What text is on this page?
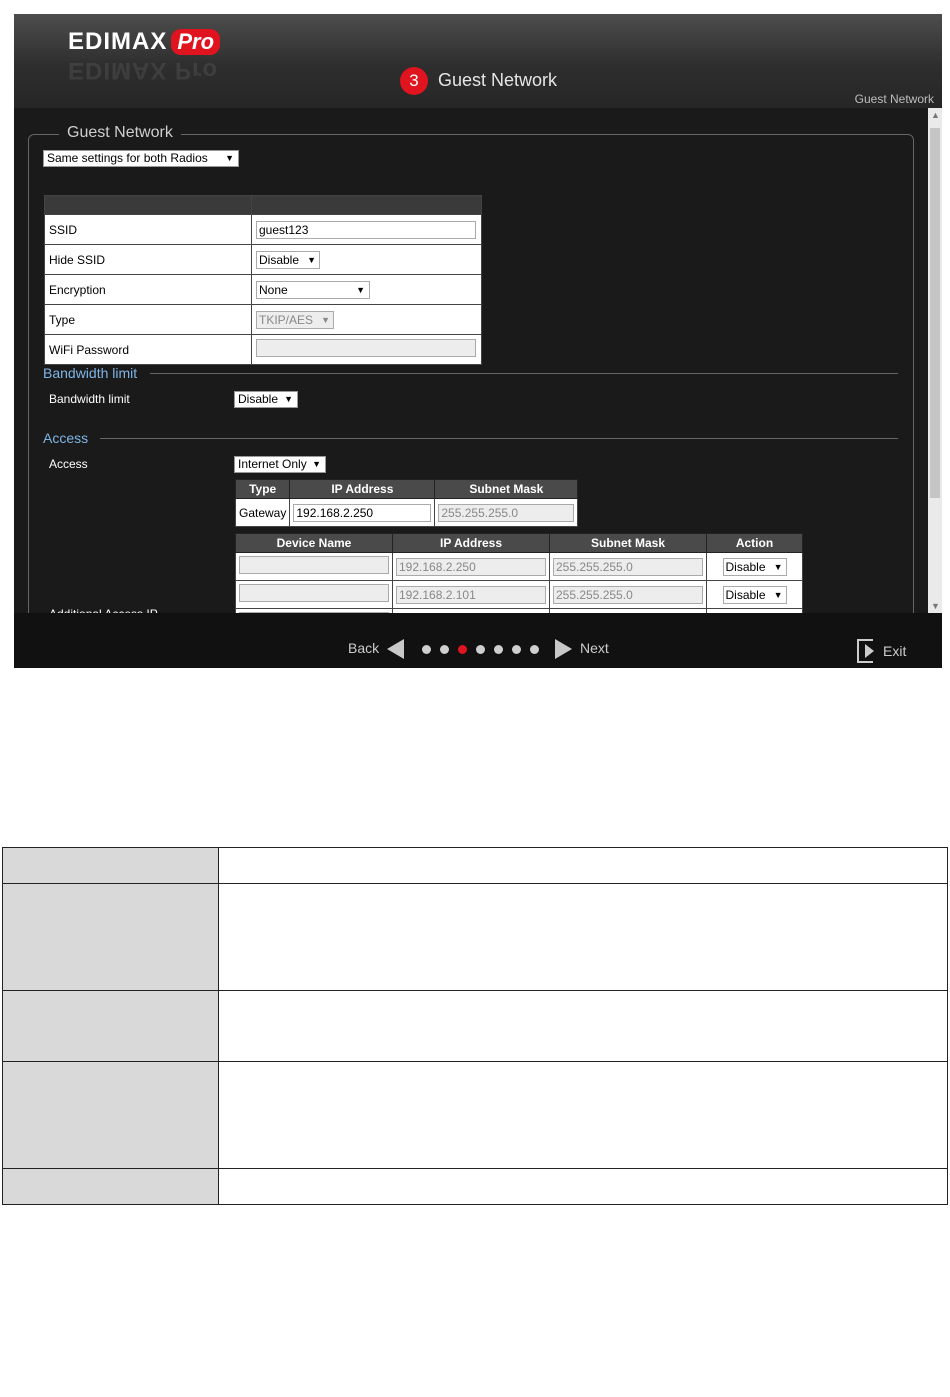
EDIMAX Pro
EDIMAX Pro	3	Guest Network
Guest Network
Guest Network
Same settings for both Radios ▼

SSID	guest123
Hide SSID	Disable ▼

Encryption	None ▼

Type	TKIP/AES ▼

WiFi Password	
Bandwidth limit
Bandwidth limit	Disable ▼
Access
Access	Internet Only ▼
Type	IP Address	Subnet Mask
Gateway	192.168.2.250	255.255.255.0
Device Name	IP Address	Subnet Mask	Action
	192.168.2.250	255.255.255.0	Disable ▼

	192.168.2.101	255.255.255.0	Disable ▼

▲
▼
Back	Next	Exit
